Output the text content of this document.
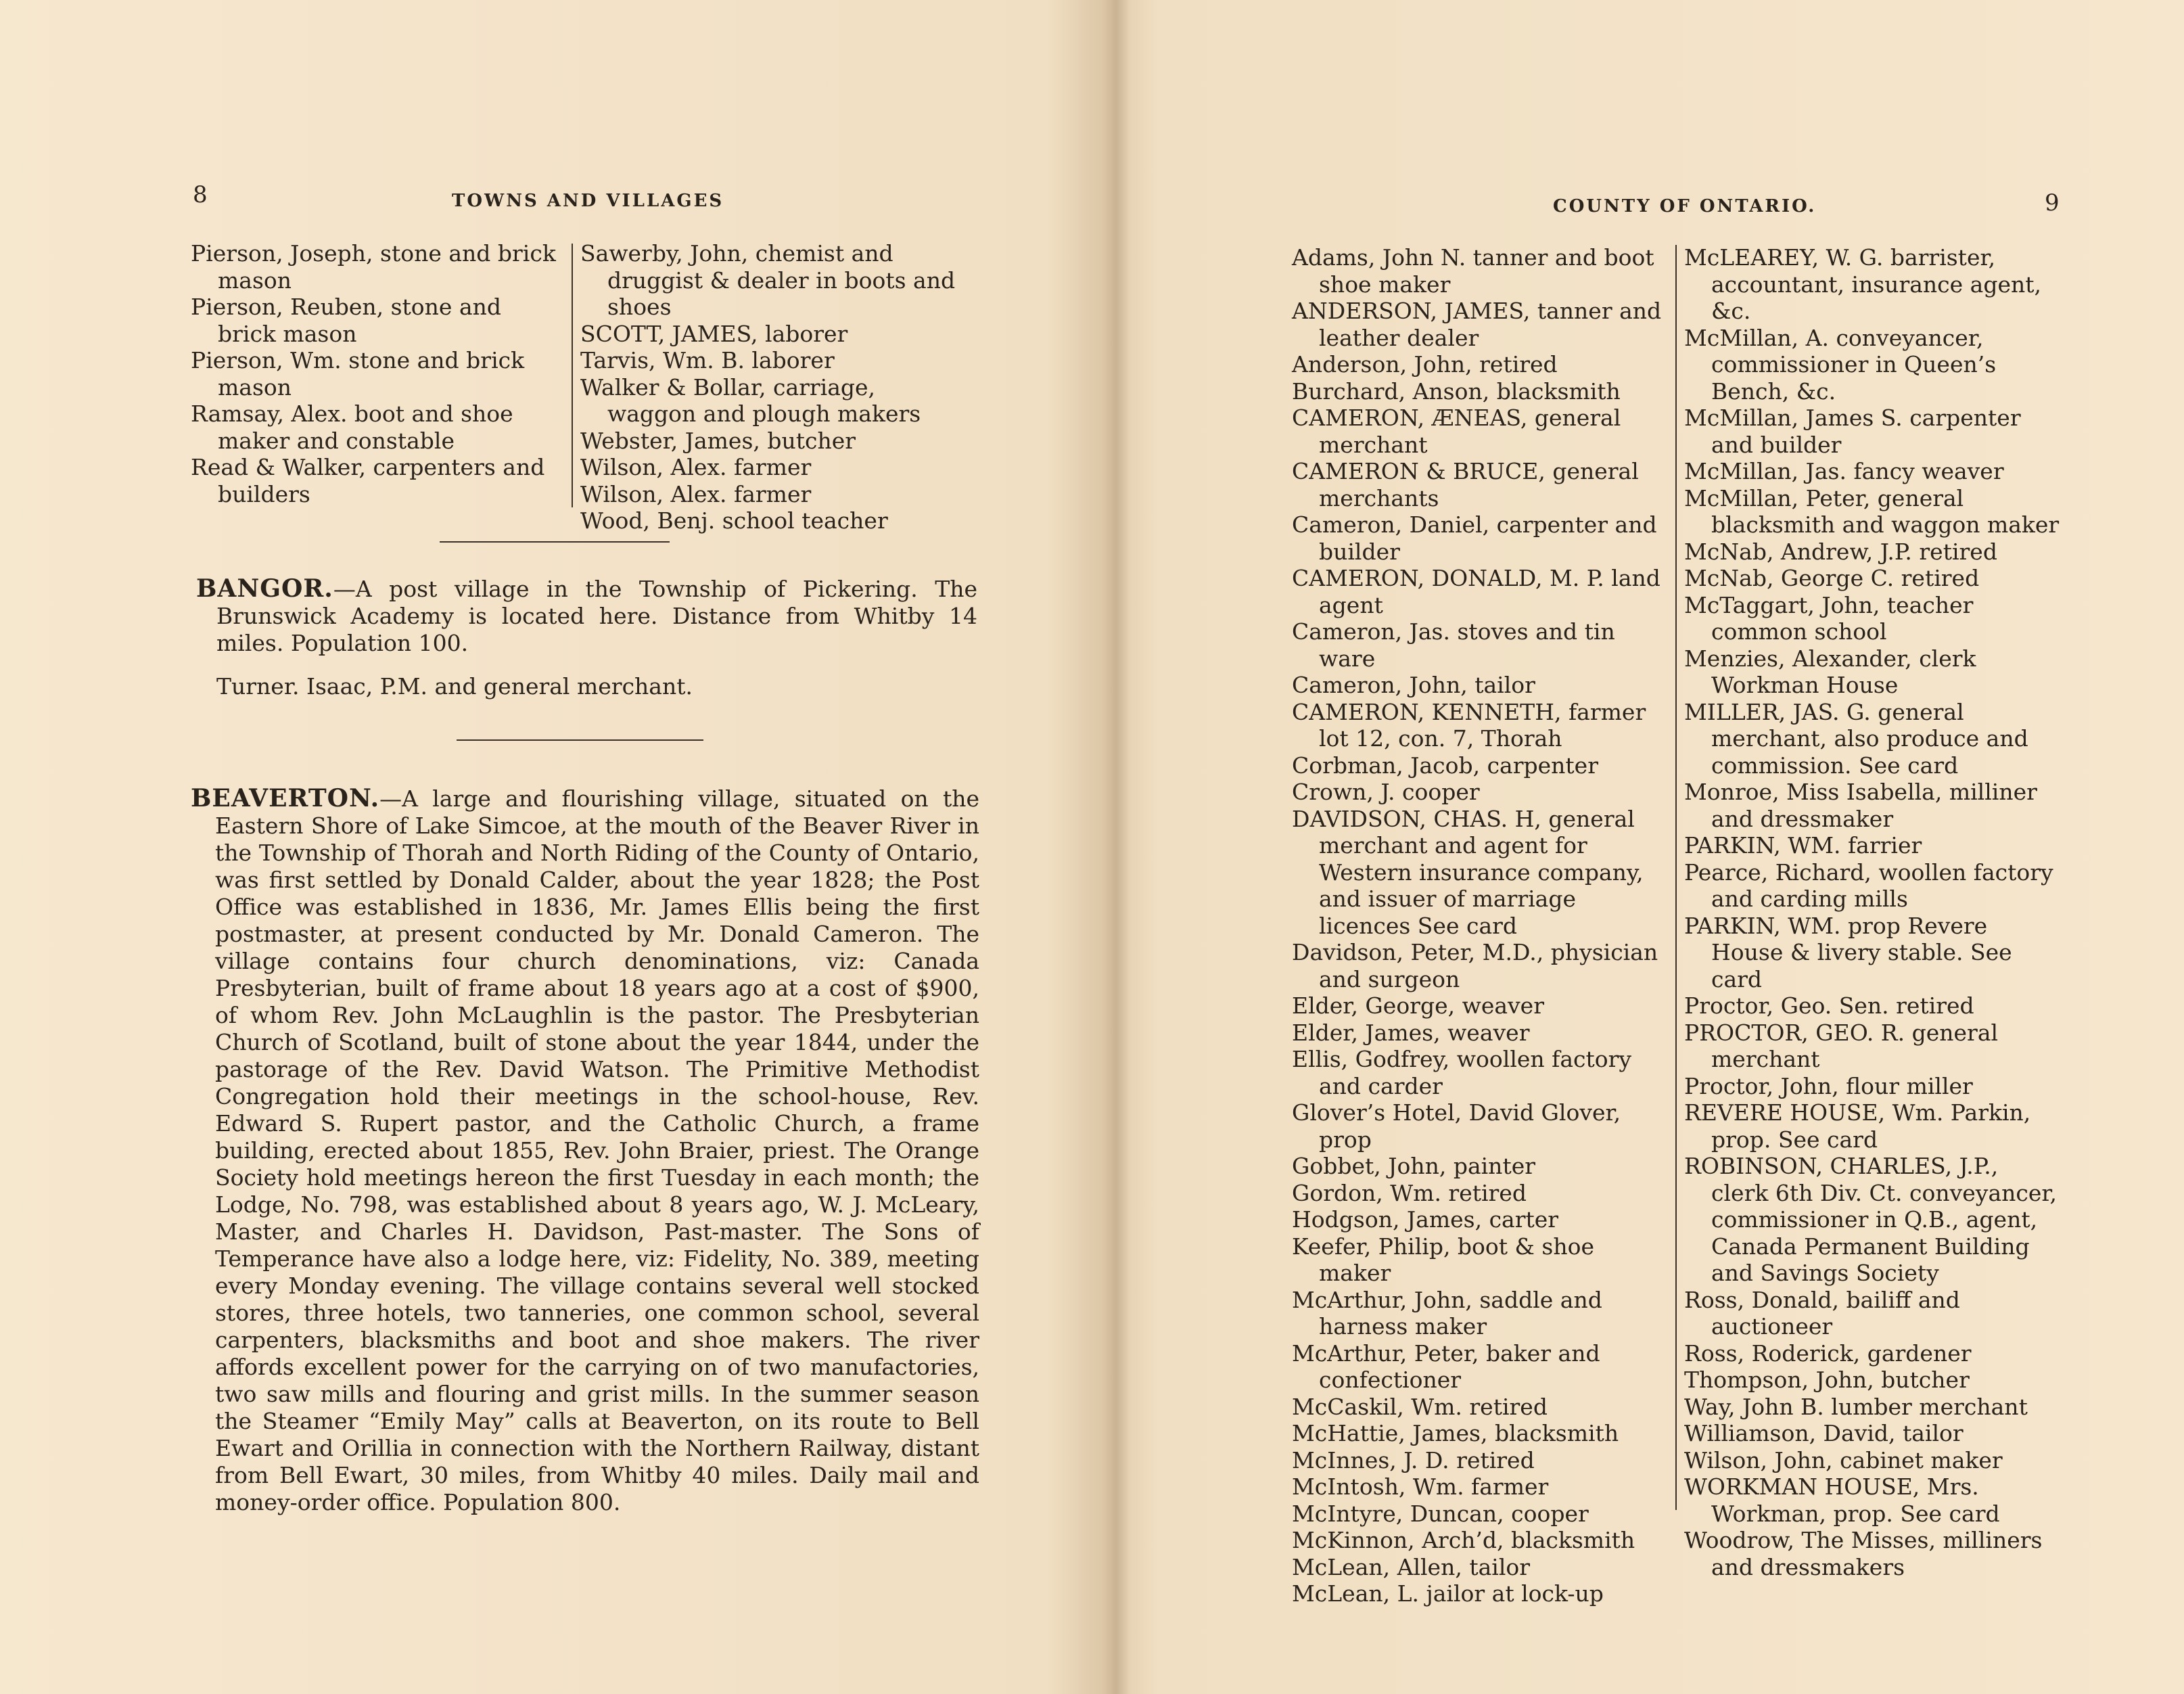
8	TOWNS AND VILLAGES

Pierson, Joseph, stone and brick mason

Pierson, Reuben, stone and brick mason

Pierson, Wm. stone and brick mason

Ramsay, Alex. boot and shoe maker and constable

Read & Walker, carpenters and builders

Sawerby, John, chemist and druggist & dealer in boots and shoes

SCOTT, JAMES, laborer

Tarvis, Wm. B. laborer

Walker & Bollar, carriage, waggon and plough makers

Webster, James, butcher

Wilson, Alex. farmer

Wilson, Alex. farmer

Wood, Benj. school teacher

BANGOR.—A post village in the Township of Pickering. The Brunswick Academy is located here. Distance from Whitby 14 miles. Population 100.

Turner. Isaac, P.M. and general merchant.

BEAVERTON.—A large and flourishing village, situated on the Eastern Shore of Lake Simcoe, at the mouth of the Beaver River in the Township of Thorah and North Riding of the County of Ontario, was first settled by Donald Calder, about the year 1828; the Post Office was established in 1836, Mr. James Ellis being the first postmaster, at present conducted by Mr. Donald Cameron. The village contains four church denominations, viz: Canada Presbyterian, built of frame about 18 years ago at a cost of $900, of whom Rev. John McLaughlin is the pastor. The Presbyterian Church of Scotland, built of stone about the year 1844, under the pastorage of the Rev. David Watson. The Primitive Methodist Congregation hold their meetings in the school-house, Rev. Edward S. Rupert pastor, and the Catholic Church, a frame building, erected about 1855, Rev. John Braier, priest. The Orange Society hold meetings hereon the first Tuesday in each month; the Lodge, No. 798, was established about 8 years ago, W. J. McLeary, Master, and Charles H. Davidson, Past-master. The Sons of Temperance have also a lodge here, viz: Fidelity, No. 389, meeting every Monday evening. The village contains several well stocked stores, three hotels, two tanneries, one common school, several carpenters, blacksmiths and boot and shoe makers. The river affords excellent power for the carrying on of two manufactories, two saw mills and flouring and grist mills. In the summer season the Steamer “Emily May” calls at Beaverton, on its route to Bell Ewart and Orillia in connection with the Northern Railway, distant from Bell Ewart, 30 miles, from Whitby 40 miles. Daily mail and money-order office. Population 800.

COUNTY OF ONTARIO.	9

Adams, John N. tanner and boot shoe maker

ANDERSON, JAMES, tanner and leather dealer

Anderson, John, retired

Burchard, Anson, blacksmith

CAMERON, ÆNEAS, general merchant

CAMERON & BRUCE, general merchants

Cameron, Daniel, carpenter and builder

CAMERON, DONALD, M. P. land agent

Cameron, Jas. stoves and tin ware

Cameron, John, tailor

CAMERON, KENNETH, farmer lot 12, con. 7, Thorah

Corbman, Jacob, carpenter

Crown, J. cooper

DAVIDSON, CHAS. H, general merchant and agent for Western insurance company, and issuer of marriage licences See card

Davidson, Peter, M.D., physician and surgeon

Elder, George, weaver

Elder, James, weaver

Ellis, Godfrey, woollen factory and carder

Glover’s Hotel, David Glover, prop

Gobbet, John, painter

Gordon, Wm. retired

Hodgson, James, carter

Keefer, Philip, boot & shoe maker

McArthur, John, saddle and harness maker

McArthur, Peter, baker and confectioner

McCaskil, Wm. retired

McHattie, James, blacksmith

McInnes, J. D. retired

McIntosh, Wm. farmer

McIntyre, Duncan, cooper

McKinnon, Arch’d, blacksmith

McLean, Allen, tailor

McLean, L. jailor at lock-up

McLEAREY, W. G. barrister, accountant, insurance agent, &c.

McMillan, A. conveyancer, commissioner in Queen’s Bench, &c.

McMillan, James S. carpenter and builder

McMillan, Jas. fancy weaver

McMillan, Peter, general blacksmith and waggon maker

McNab, Andrew, J.P. retired

McNab, George C. retired

McTaggart, John, teacher common school

Menzies, Alexander, clerk Workman House

MILLER, JAS. G. general merchant, also produce and commission. See card

Monroe, Miss Isabella, milliner and dressmaker

PARKIN, WM. farrier

Pearce, Richard, woollen factory and carding mills

PARKIN, WM. prop Revere House & livery stable. See card

Proctor, Geo. Sen. retired

PROCTOR, GEO. R. general merchant

Proctor, John, flour miller

REVERE HOUSE, Wm. Parkin, prop. See card

ROBINSON, CHARLES, J.P., clerk 6th Div. Ct. conveyancer, commissioner in Q.B., agent, Canada Permanent Building and Savings Society

Ross, Donald, bailiff and auctioneer

Ross, Roderick, gardener

Thompson, John, butcher

Way, John B. lumber merchant

Williamson, David, tailor

Wilson, John, cabinet maker

WORKMAN HOUSE, Mrs. Workman, prop. See card

Woodrow, The Misses, milliners and dressmakers
